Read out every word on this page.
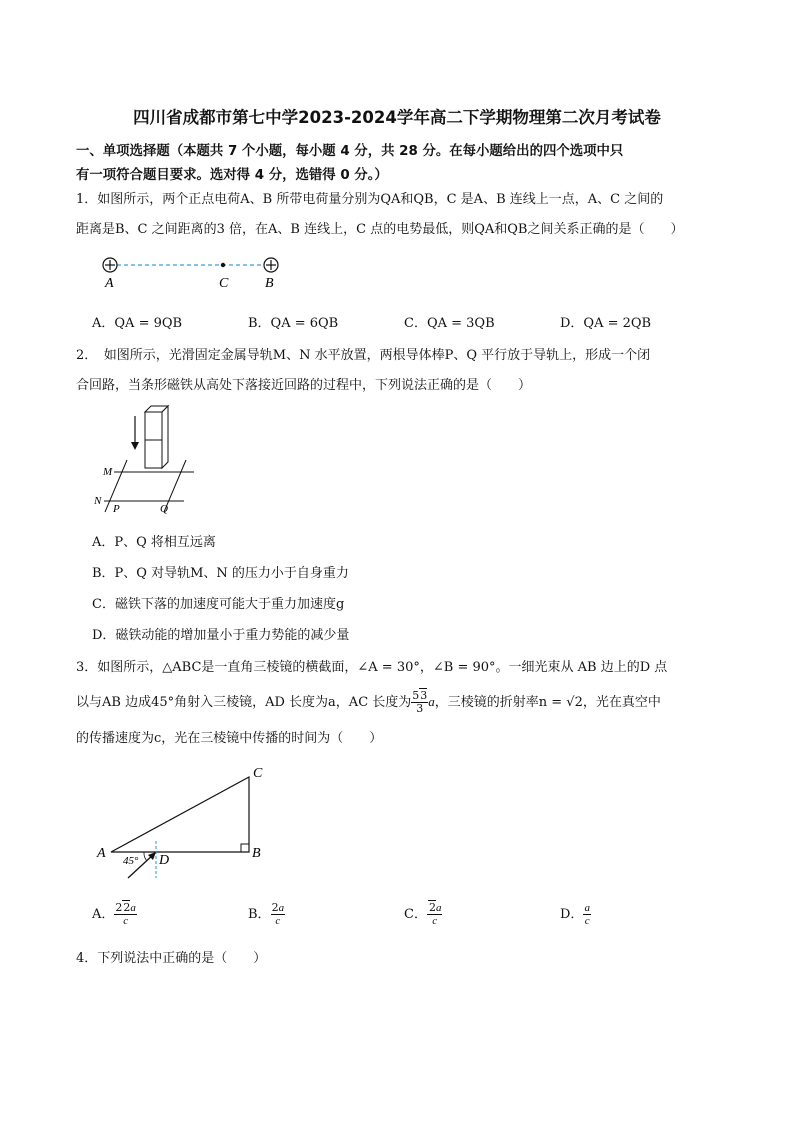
四川省成都市第七中学2023-2024学年高二下学期物理第二次月考试卷
一、单项选择题（本题共 7 个小题，每小题 4 分，共 28 分。在每小题给出的四个选项中只
有一项符合题目要求。选对得 4 分，选错得 0 分。）
1．如图所示，两个正点电荷A、B 所带电荷量分别为QA和QB，C 是A、B 连线上一点，A、C 之间的
距离是B、C 之间距离的3 倍，在A、B 连线上，C 点的电势最低，则QA和QB之间关系正确的是（　　）
A	C	B
A．QA = 9QB	B．QA = 6QB	C．QA = 3QB	D．QA = 2QB
2．　如图所示，光滑固定金属导轨M、N 水平放置，两根导体棒P、Q 平行放于导轨上，形成一个闭
合回路，当条形磁铁从高处下落接近回路的过程中，下列说法正确的是（　　）
M
N
P	Q
A．P、Q 将相互远离
B．P、Q 对导轨M、N 的压力小于自身重力
C．磁铁下落的加速度可能大于重力加速度g
D．磁铁动能的增加量小于重力势能的减少量
3．如图所示，△ABC是一直角三棱镜的横截面，∠A = 30°，∠B = 90°。一细光束从 AB 边上的D 点
以与AB 边成45°角射入三棱镜，AD 长度为a，AC 长度为 $\frac{53}{3}$ a，三棱镜的折射率n = √2，光在真空中
的传播速度为c，光在三棱镜中传播的时间为（　　）
A	B
C
D
45°
A． $\frac{22a}{c}$	B． $\frac{2a}{c}$	C． $\frac{2a}{c}$	D． $\frac{a}{c}$
4．下列说法中正确的是（　　）
